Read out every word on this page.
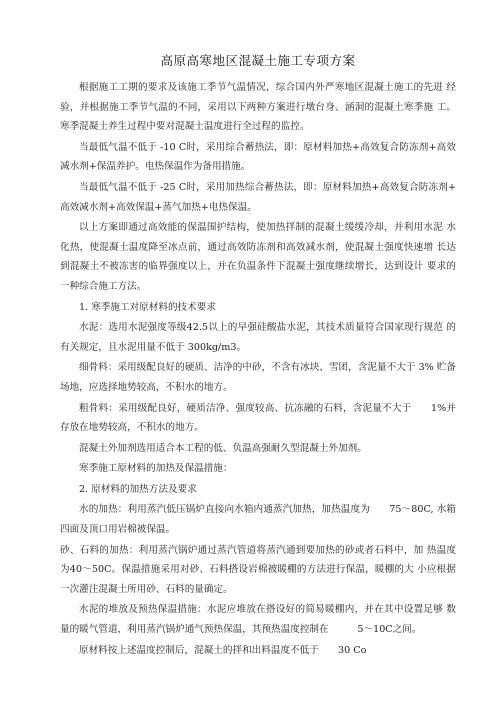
高原高寒地区混凝土施工专项方案
根据施工工期的要求及该施工季节气温情况，综合国内外严寒地区混凝土施工的先进 经验，并根据施工季节气温的不同，采用以下两种方案进行墩台身、涵洞的混凝土寒季施 工。寒季混凝土养生过程中要对混凝土温度进行全过程的监控。
当最低气温不低于 -10 C时，采用综合蓄热法，即：原材料加热+高效复合防冻剂+高效 减水剂+保温养护。电热保温作为备用措施。
当最低气温不低于 -25 C时，采用加热综合蓄热法，即：原材料加热+高效复合防冻剂+ 高效减水剂+高效保温+蒸气加热+电热保温。
以上方案即通过高效能的保温围护结构，使加热拌制的混凝土缓缓冷却，并利用水泥 水化热，使混凝土温度降至冰点前，通过高效防冻剂和高效减水剂，使混凝土强度快速增 长达到混凝土不被冻害的临界强度以上，并在负温条件下混凝土强度继续增长，达到设计 要求的一种综合施工方法。
1. 寒季施工对原材料的技术要求
水泥：选用水泥强度等级42.5以上的早强硅酸盐水泥，其技术质量符合国家现行规范 的有关规定，且水泥用量不低于 300kg/m3。
细骨料：采用级配良好的硬质、洁净的中砂，不含有冰块、雪团，含泥量不大于 3% 贮备场地，应选择地势较高，不积水的地方。
粗骨料：采用级配良好，硬质洁净、强度较高、抗冻融的石料，含泥量不大于　　1%并存放在地势较高，不积水的地方。
混凝土外加剂选用适合本工程的低、负温高强耐久型混凝土外加剂。
寒季施工原材料的加热及保温措施：
2. 原材料的加热方法及要求
水的加热：利用蒸汽低压锅炉直接向水箱内通蒸汽加热，加热温度为　　75～80C, 水箱四面及顶口用岩棉被保温。
砂、石料的加热：利用蒸汽锅炉通过蒸汽管道将蒸汽通到要加热的砂或者石料中，加 热温度为40～50C。保温措施采用对砂、石料搭设岩棉被暖棚的方法进行保温，暖棚的大 小应根据一次灌注混凝土所用砂、石料的量确定。
水泥的堆放及预热保温措施：水泥应堆放在搭设好的简易暖棚内，并在其中设置足够 数量的暖气管道，利用蒸汽锅炉通气预热保温，其预热温度控制在　　　5～10C之间。
原材料按上述温度控制后，混凝土的拌和出料温度不低于　　30 Co
